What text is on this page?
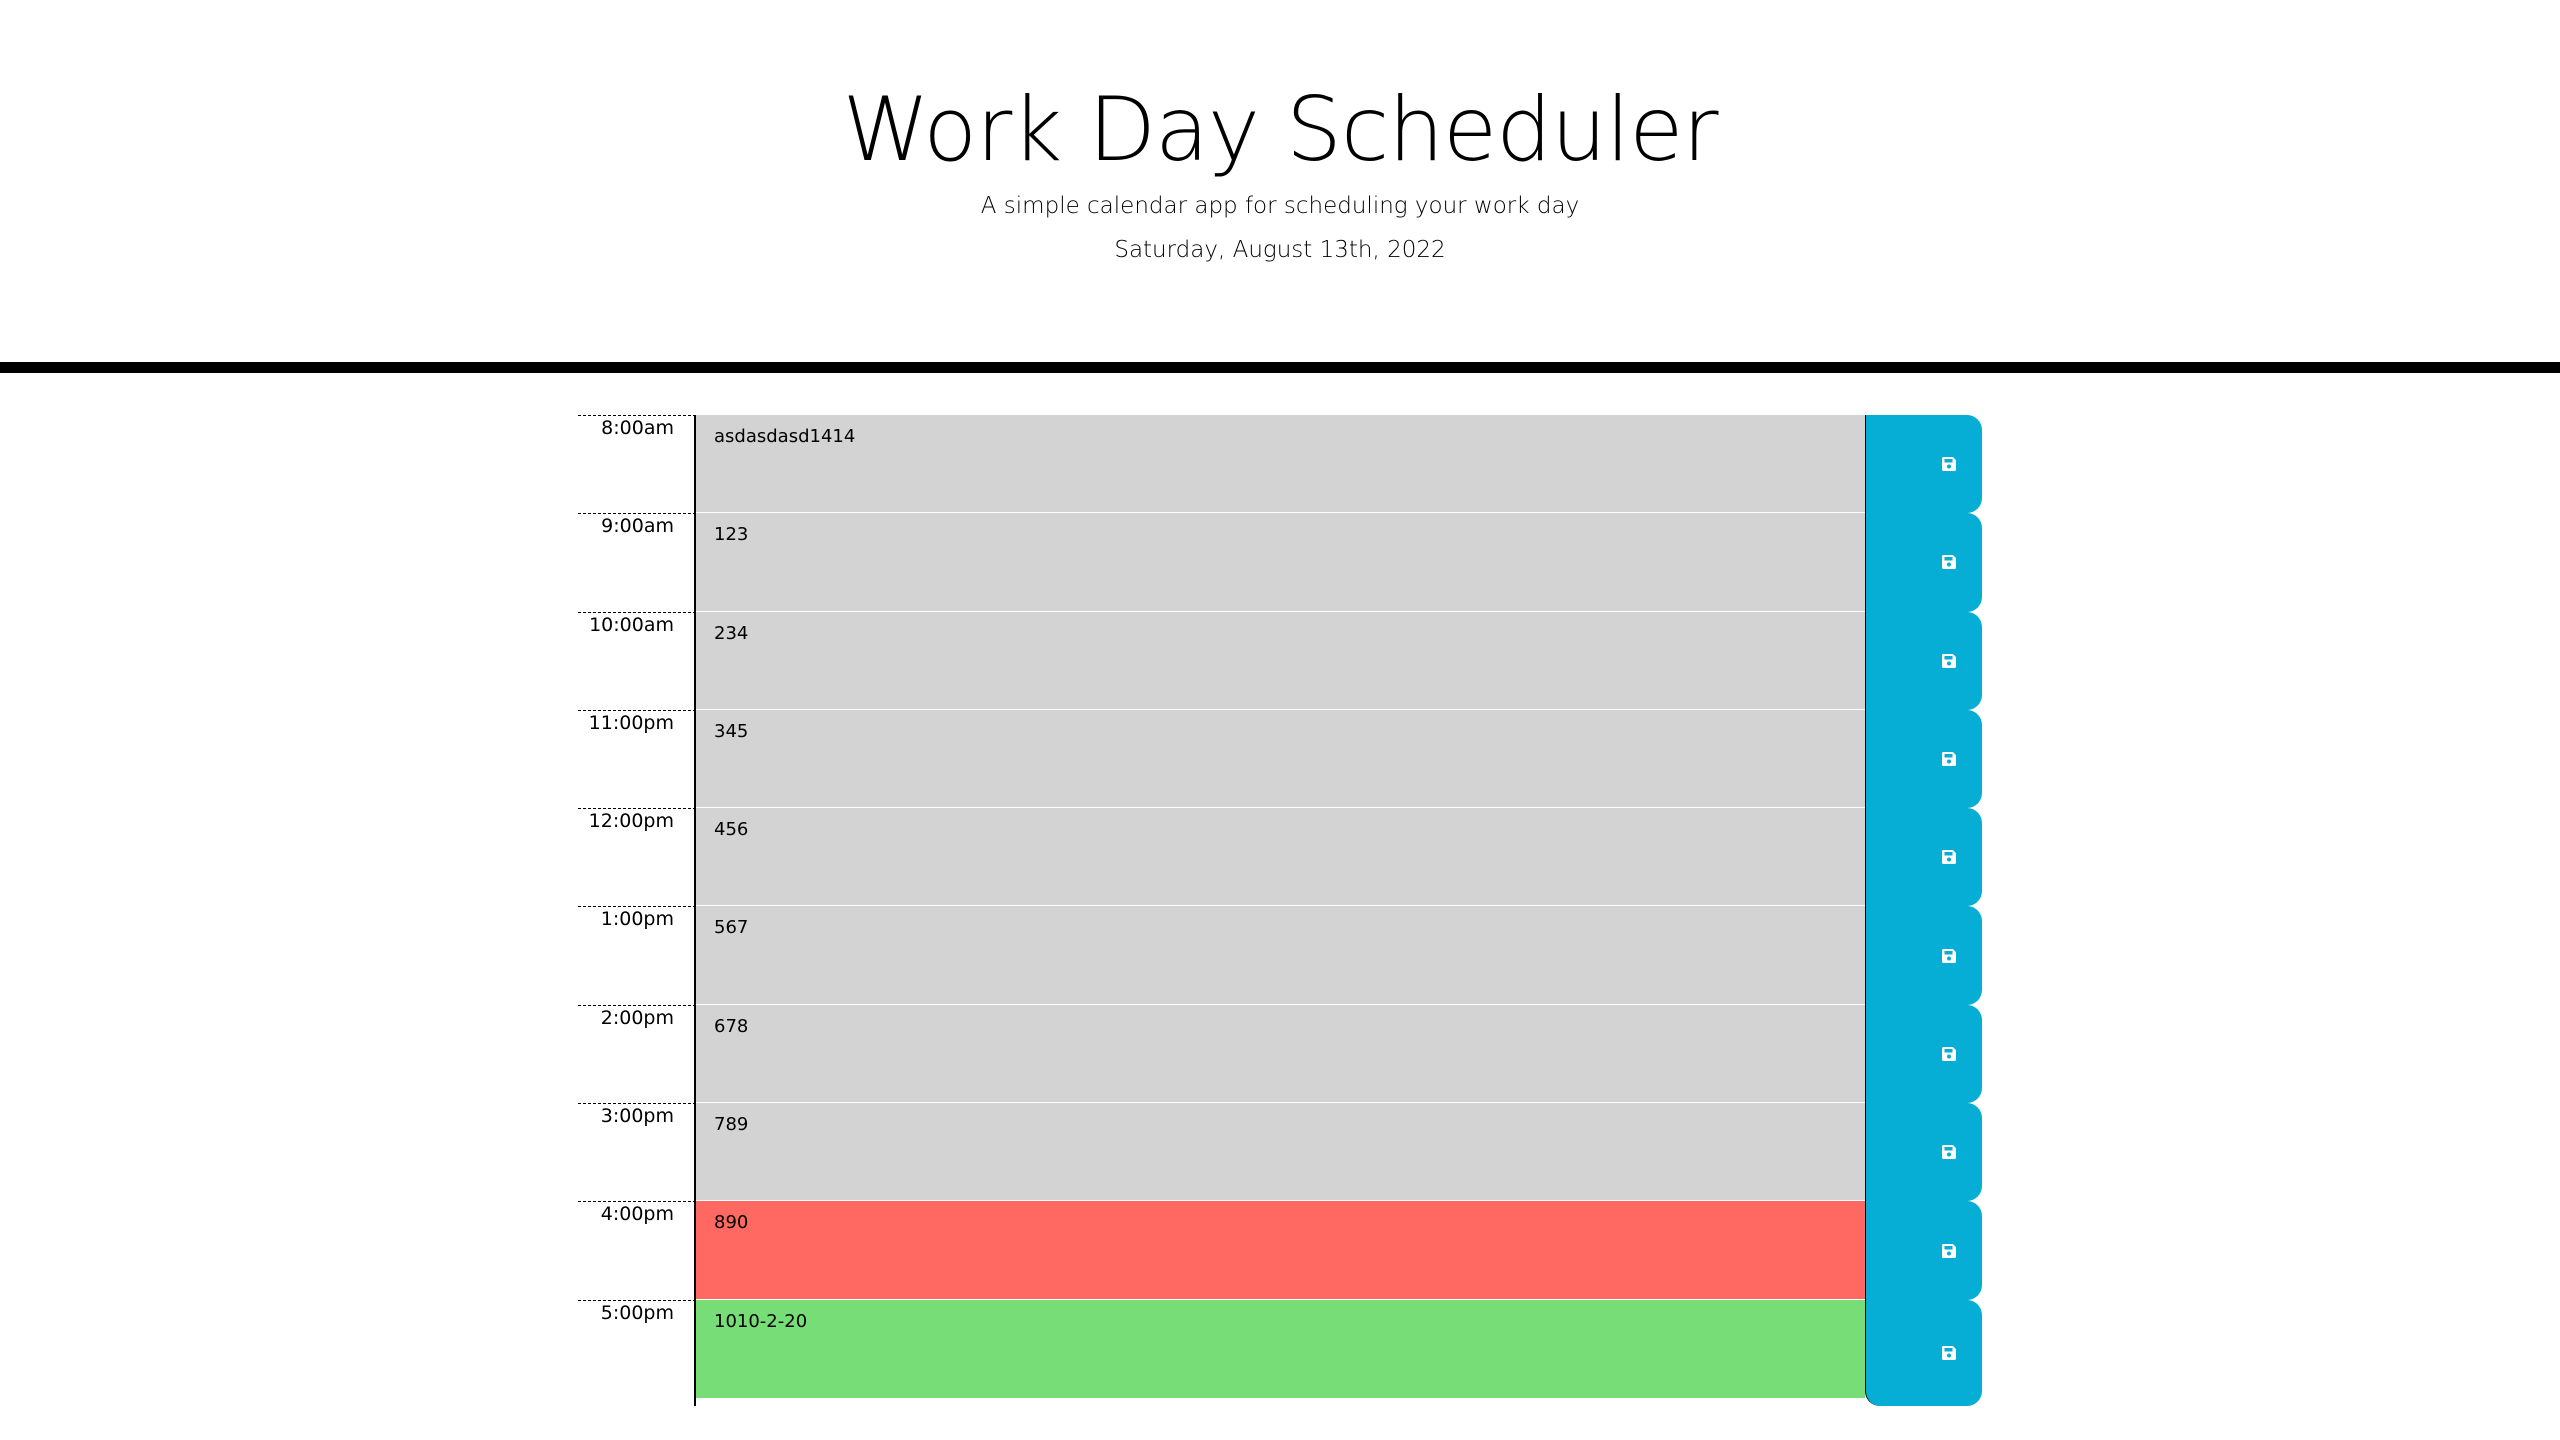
Work Day Scheduler

A simple calendar app for scheduling your work day

Saturday, August 13th, 2022

8:00am
asdasdasd1414
9:00am
123
10:00am
234
11:00pm
345
12:00pm
456
1:00pm
567
2:00pm
678
3:00pm
789
4:00pm
890
5:00pm
1010-2-20
